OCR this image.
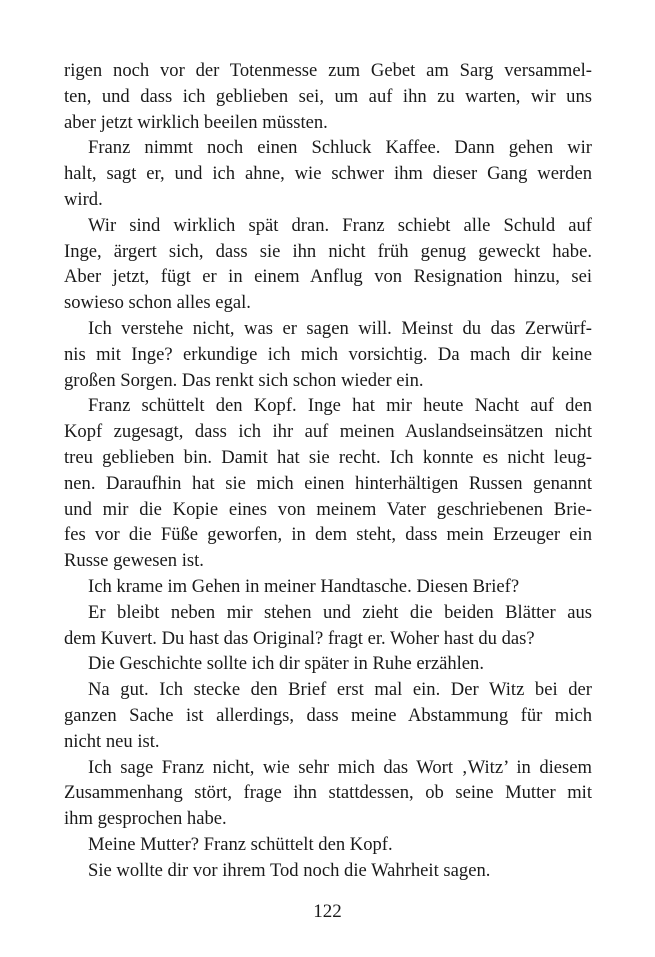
rigen noch vor der Totenmesse zum Gebet am Sarg versammel-
ten, und dass ich geblieben sei, um auf ihn zu warten, wir uns
aber jetzt wirklich beeilen müssten.
Franz nimmt noch einen Schluck Kaffee. Dann gehen wir
halt, sagt er, und ich ahne, wie schwer ihm dieser Gang werden
wird.
Wir sind wirklich spät dran. Franz schiebt alle Schuld auf
Inge, ärgert sich, dass sie ihn nicht früh genug geweckt habe.
Aber jetzt, fügt er in einem Anflug von Resignation hinzu, sei
sowieso schon alles egal.
Ich verstehe nicht, was er sagen will. Meinst du das Zerwürf-
nis mit Inge? erkundige ich mich vorsichtig. Da mach dir keine
großen Sorgen. Das renkt sich schon wieder ein.
Franz schüttelt den Kopf. Inge hat mir heute Nacht auf den
Kopf zugesagt, dass ich ihr auf meinen Auslandseinsätzen nicht
treu geblieben bin. Damit hat sie recht. Ich konnte es nicht leug-
nen. Daraufhin hat sie mich einen hinterhältigen Russen genannt
und mir die Kopie eines von meinem Vater geschriebenen Brie-
fes vor die Füße geworfen, in dem steht, dass mein Erzeuger ein
Russe gewesen ist.
Ich krame im Gehen in meiner Handtasche. Diesen Brief?
Er bleibt neben mir stehen und zieht die beiden Blätter aus
dem Kuvert. Du hast das Original? fragt er. Woher hast du das?
Die Geschichte sollte ich dir später in Ruhe erzählen.
Na gut. Ich stecke den Brief erst mal ein. Der Witz bei der
ganzen Sache ist allerdings, dass meine Abstammung für mich
nicht neu ist.
Ich sage Franz nicht, wie sehr mich das Wort ‚Witz’ in diesem
Zusammenhang stört, frage ihn stattdessen, ob seine Mutter mit
ihm gesprochen habe.
Meine Mutter? Franz schüttelt den Kopf.
Sie wollte dir vor ihrem Tod noch die Wahrheit sagen.
122
